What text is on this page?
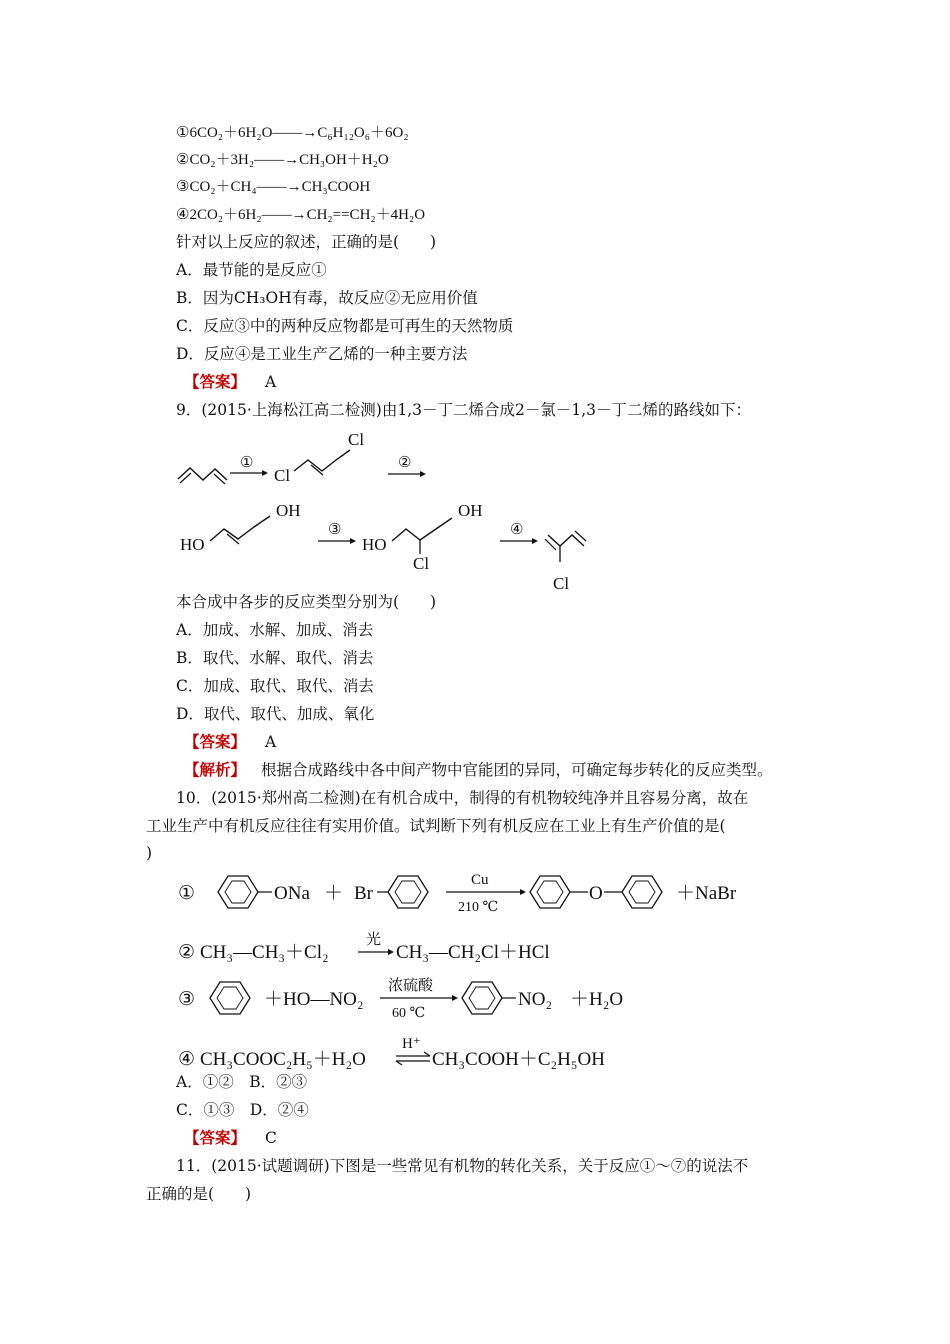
①6CO₂＋6H₂O——→C₆H₁₂O₆＋6O₂
②CO₂＋3H₂——→CH₃OH＋H₂O
③CO₂＋CH₄——→CH₃COOH
④2CO₂＋6H₂——→CH₂==CH₂＋4H₂O
针对以上反应的叙述，正确的是(　　)
A．最节能的是反应①
B．因为CH₃OH有毒，故反应②无应用价值
C．反应③中的两种反应物都是可再生的天然物质
D．反应④是工业生产乙烯的一种主要方法
【答案】 A
9．(2015·上海松江高二检测)由1,3－丁二烯合成2－氯－1,3－丁二烯的路线如下：
①
Cl
Cl
②
HO
OH
③
HO
Cl
OH
④
Cl
本合成中各步的反应类型分别为(　　)
A．加成、水解、加成、消去
B．取代、水解、取代、消去
C．加成、取代、取代、消去
D．取代、取代、加成、氧化
【答案】 A
【解析】 根据合成路线中各中间产物中官能团的异同，可确定每步转化的反应类型。
10．(2015·郑州高二检测)在有机合成中，制得的有机物较纯净并且容易分离，故在
工业生产中有机反应往往有实用价值。试判断下列有机反应在工业上有生产价值的是(
)
①	ONa ＋ Br
Cu
210 ℃
O	＋NaBr
② CH₃—CH₃＋Cl₂
光
CH₃—CH₂Cl＋HCl
③	＋HO—NO₂
浓硫酸
60 ℃
NO₂ ＋H₂O
④ CH₃COOC₂H₅＋H₂O
H⁺
CH₃COOH＋C₂H₅OH
A．①②　B．②③
C．①③　D．②④
【答案】 C
11．(2015·试题调研)下图是一些常见有机物的转化关系，关于反应①～⑦的说法不
正确的是(　　)
